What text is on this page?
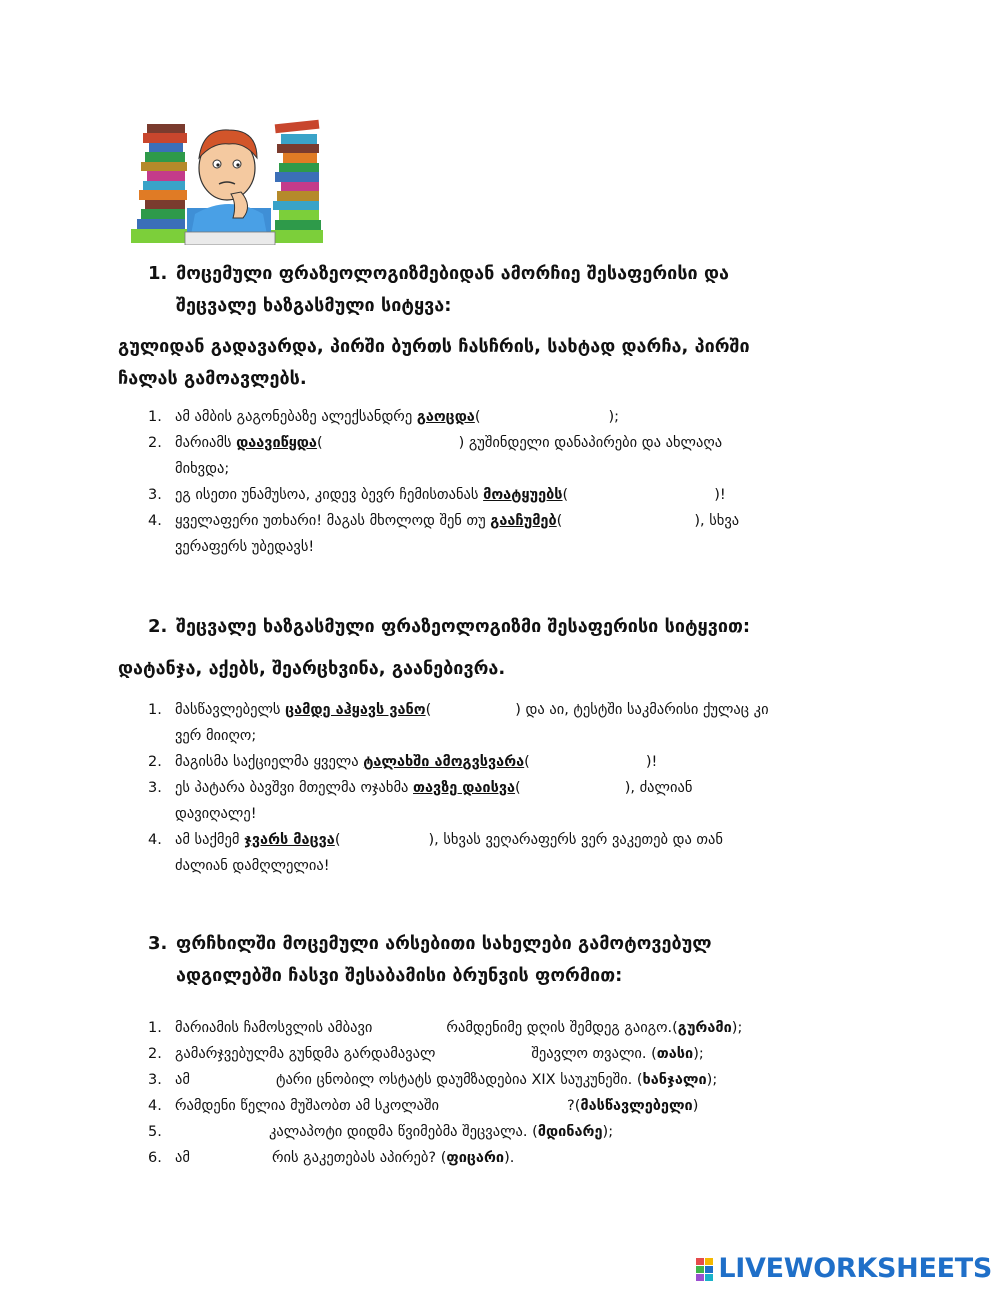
1. მოცემული ფრაზეოლოგიზმებიდან ამორჩიე შესაფერისი და
შეცვალე ხაზგასმული სიტყვა:
გულიდან გადავარდა, პირში ბურთს ჩასჩრის, სახტად დარჩა, პირში
ჩალას გამოავლებს.

1. ამ ამბის გაგონებაზე ალექსანდრე გაოცდა(	);

2. მარიამს დაავიწყდა(	) გუშინდელი დანაპირები და ახლაღა
მიხვდა;

3. ეგ ისეთი უნამუსოა, კიდევ ბევრ ჩემისთანას მოატყუებს(	)!

4. ყველაფერი უთხარი! მაგას მხოლოდ შენ თუ გააჩუმებ(	), სხვა
ვერაფერს უბედავს!

2. შეცვალე ხაზგასმული ფრაზეოლოგიზმი შესაფერისი სიტყვით:
დატანჯა, აქებს, შეარცხვინა, გაანებივრა.

1. მასწავლებელს ცამდე აჰყავს ვანო(	) და აი, ტესტში საკმარისი ქულაც კი
ვერ მიიღო;

2. მაგისმა საქციელმა ყველა ტალახში ამოგვსვარა(	)!

3. ეს პატარა ბავშვი მთელმა ოჯახმა თავზე დაისვა(	), ძალიან
დავიღალე!

4. ამ საქმემ ჯვარს მაცვა(	), სხვას ვეღარაფერს ვერ ვაკეთებ და თან
ძალიან დამღლელია!

3. ფრჩხილში მოცემული არსებითი სახელები გამოტოვებულ
ადგილებში ჩასვი შესაბამისი ბრუნვის ფორმით:

1. მარიამის ჩამოსვლის ამბავი	რამდენიმე დღის შემდეგ გაიგო.(გურამი);

2. გამარჯვებულმა გუნდმა გარდამავალ	შეავლო თვალი. (თასი);

3. ამ	ტარი ცნობილ ოსტატს დაუმზადებია XIX საუკუნეში. (ხანჯალი);

4. რამდენი წელია მუშაობთ ამ სკოლაში	?(მასწავლებელი)

5.	კალაპოტი დიდმა წვიმებმა შეცვალა. (მდინარე);

6. ამ	რის გაკეთებას აპირებ? (ფიცარი).

LIVEWORKSHEETS
